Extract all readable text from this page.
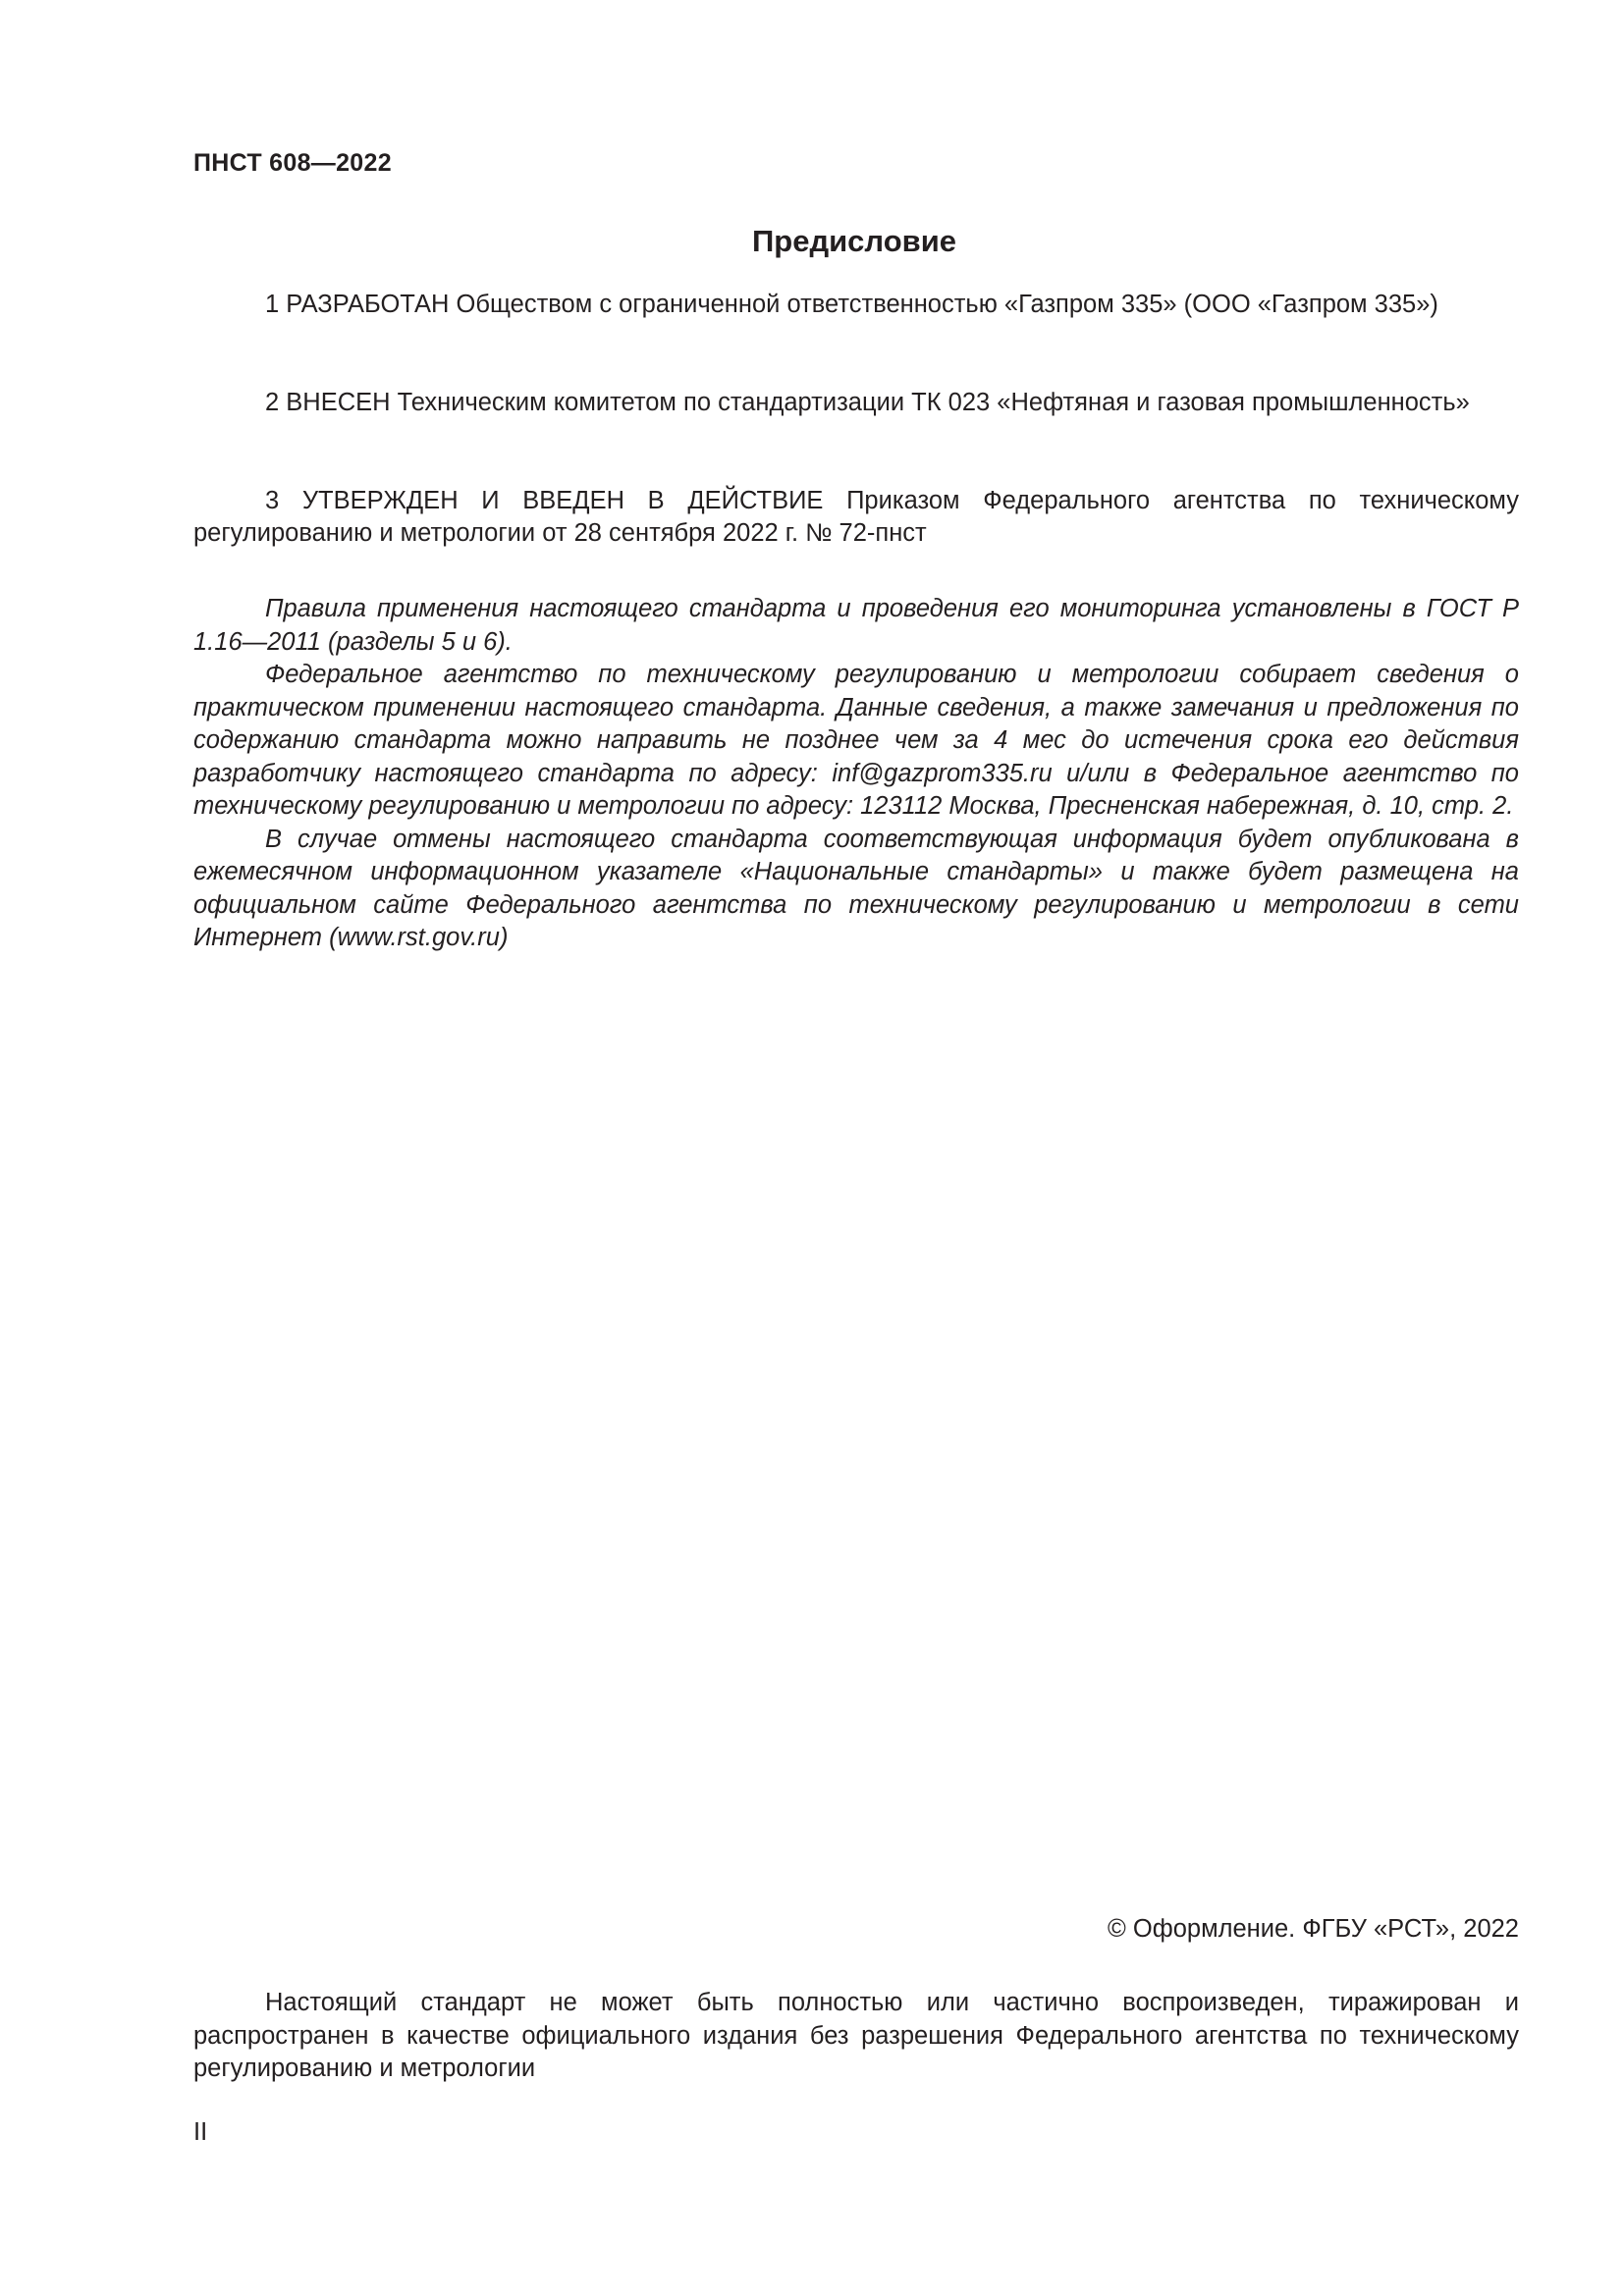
ПНСТ 608—2022
Предисловие

1 РАЗРАБОТАН Обществом с ограниченной ответственностью «Газпром 335» (ООО «Газпром 335»)

2 ВНЕСЕН Техническим комитетом по стандартизации ТК 023 «Нефтяная и газовая промышленность»

3 УТВЕРЖДЕН И ВВЕДЕН В ДЕЙСТВИЕ Приказом Федерального агентства по техническому регулированию и метрологии от 28 сентября 2022 г. № 72-пнст

Правила применения настоящего стандарта и проведения его мониторинга установлены в ГОСТ Р 1.16—2011 (разделы 5 и 6).

Федеральное агентство по техническому регулированию и метрологии собирает сведения о практическом применении настоящего стандарта. Данные сведения, а также замечания и предложения по содержанию стандарта можно направить не позднее чем за 4 мес до истечения срока его действия разработчику настоящего стандарта по адресу: inf@gazprom335.ru и/или в Федеральное агентство по техническому регулированию и метрологии по адресу: 123112 Москва, Пресненская набережная, д. 10, стр. 2.

В случае отмены настоящего стандарта соответствующая информация будет опубликована в ежемесячном информационном указателе «Национальные стандарты» и также будет размещена на официальном сайте Федерального агентства по техническому регулированию и метрологии в сети Интернет (www.rst.gov.ru)

© Оформление. ФГБУ «РСТ», 2022

Настоящий стандарт не может быть полностью или частично воспроизведен, тиражирован и распространен в качестве официального издания без разрешения Федерального агентства по техническому регулированию и метрологии

II
